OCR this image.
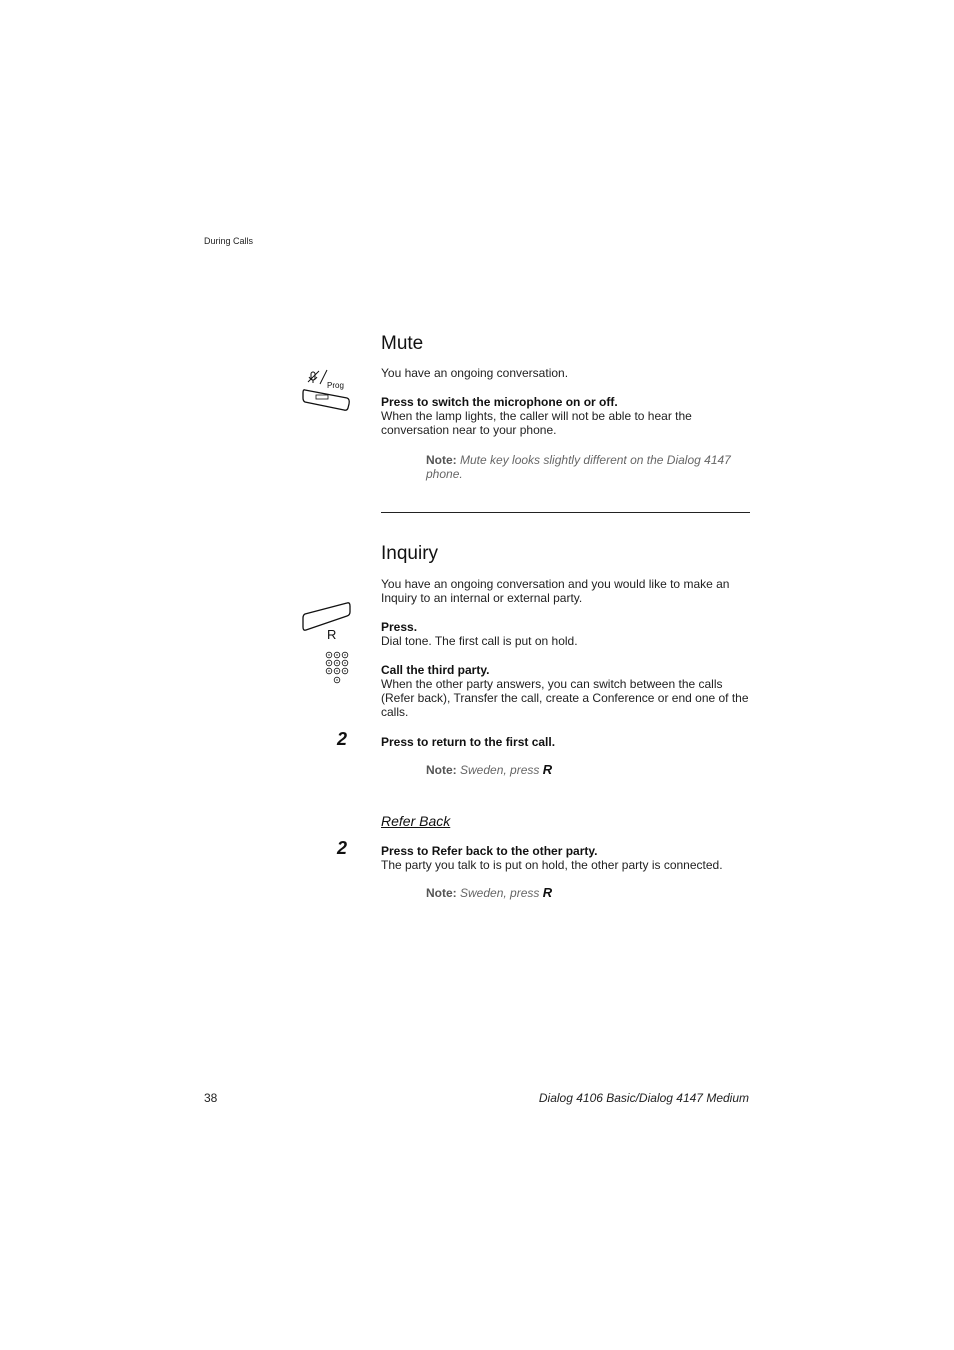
During Calls
Mute
You have an ongoing conversation.
Prog
Press to switch the microphone on or off.
When the lamp lights, the caller will not be able to hear the conversation near to your phone.
Note: Mute key looks slightly different on the Dialog 4147 phone.
Inquiry
You have an ongoing conversation and you would like to make an Inquiry to an internal or external party.
R	Press.
Dial tone. The first call is put on hold.
Call the third party.
When the other party answers, you can switch between the calls (Refer back), Transfer the call, create a Conference or end one of the calls.
2	Press to return to the first call.
Note: Sweden, press R
Refer Back
2	Press to Refer back to the other party.
The party you talk to is put on hold, the other party is connected.
Note: Sweden, press R
38	Dialog 4106 Basic/Dialog 4147 Medium
